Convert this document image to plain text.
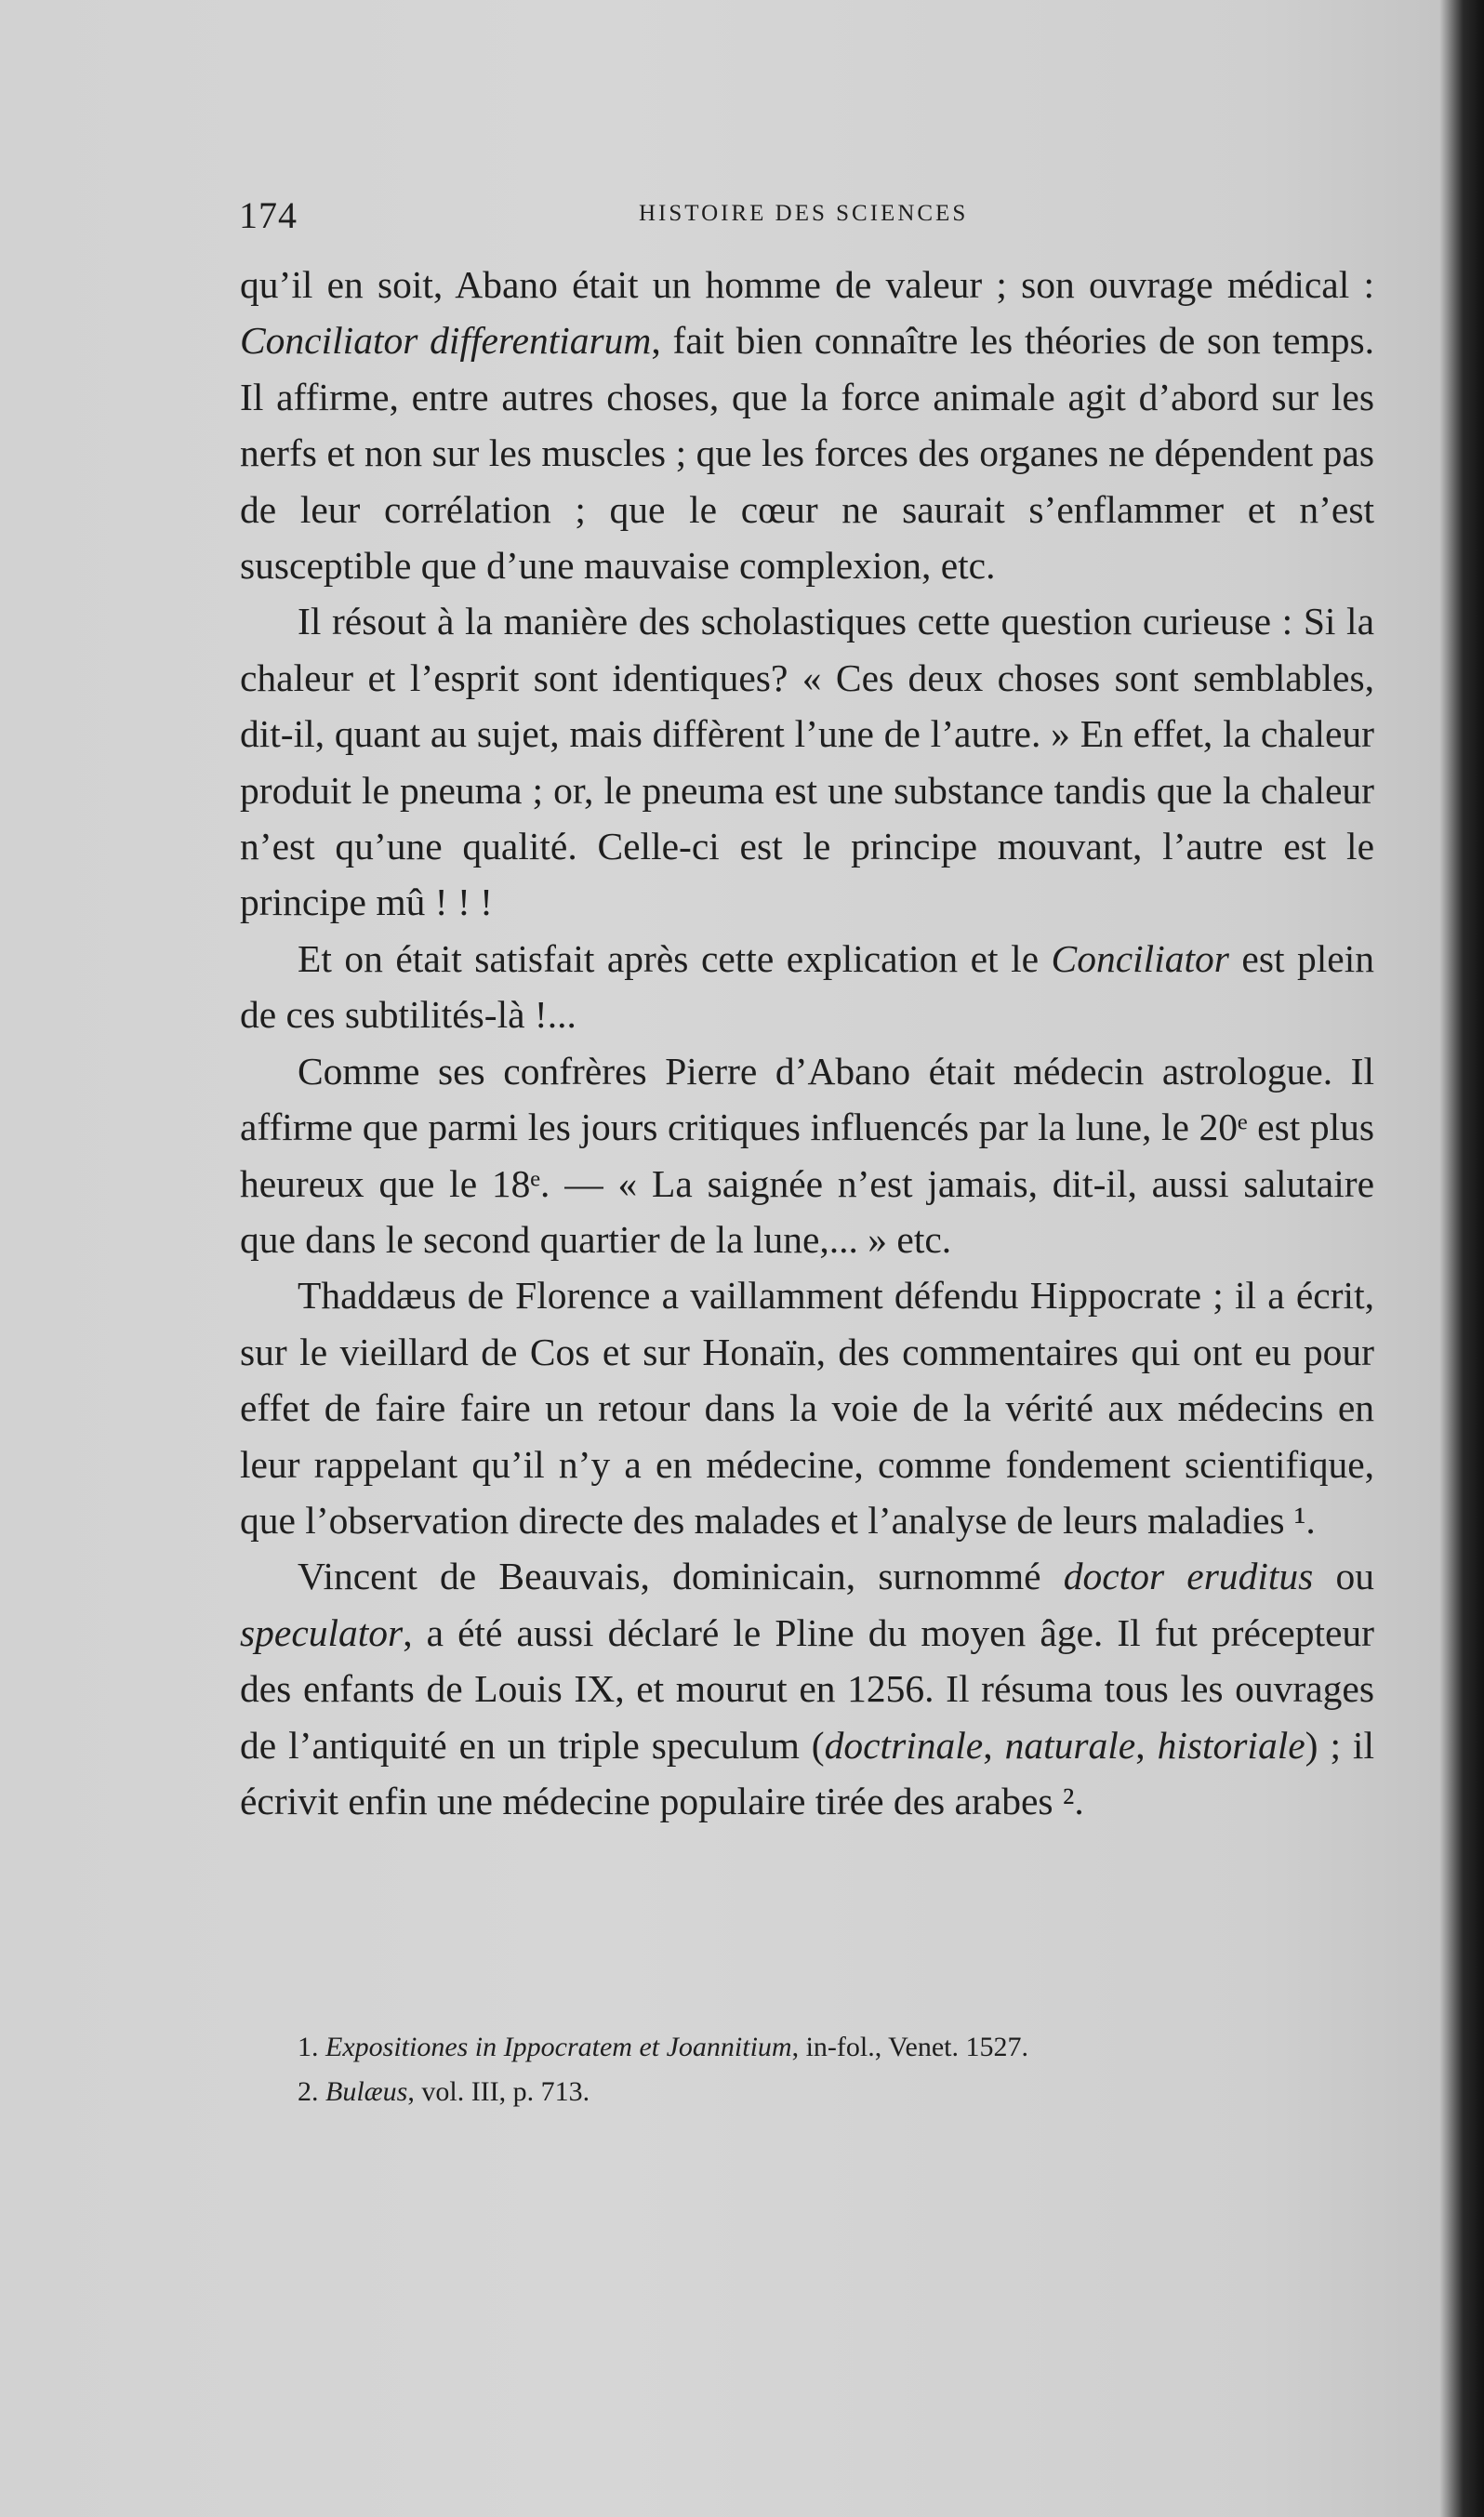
174	HISTOIRE DES SCIENCES

qu’il en soit, Abano était un homme de valeur ; son ouvrage médical : Conciliator differentiarum, fait bien connaître les théories de son temps. Il affirme, entre autres choses, que la force animale agit d’abord sur les nerfs et non sur les muscles ; que les forces des organes ne dépendent pas de leur corrélation ; que le cœur ne saurait s’enflammer et n’est susceptible que d’une mauvaise complexion, etc.

Il résout à la manière des scholastiques cette question curieuse : Si la chaleur et l’esprit sont identiques? « Ces deux choses sont semblables, dit-il, quant au sujet, mais diffèrent l’une de l’autre. » En effet, la chaleur produit le pneuma ; or, le pneuma est une substance tandis que la chaleur n’est qu’une qualité. Celle-ci est le principe mouvant, l’autre est le principe mû ! ! !

Et on était satisfait après cette explication et le Conciliator est plein de ces subtilités-là !...

Comme ses confrères Pierre d’Abano était médecin astrologue. Il affirme que parmi les jours critiques influencés par la lune, le 20ᵉ est plus heureux que le 18ᵉ. — « La saignée n’est jamais, dit-il, aussi salutaire que dans le second quartier de la lune,... » etc.

Thaddæus de Florence a vaillamment défendu Hippocrate ; il a écrit, sur le vieillard de Cos et sur Honaïn, des commentaires qui ont eu pour effet de faire faire un retour dans la voie de la vérité aux médecins en leur rappelant qu’il n’y a en médecine, comme fondement scientifique, que l’observation directe des malades et l’analyse de leurs maladies ¹.

Vincent de Beauvais, dominicain, surnommé doctor eruditus ou speculator, a été aussi déclaré le Pline du moyen âge. Il fut précepteur des enfants de Louis IX, et mourut en 1256. Il résuma tous les ouvrages de l’antiquité en un triple speculum (doctrinale, naturale, historiale) ; il écrivit enfin une médecine populaire tirée des arabes ².

1. Expositiones in Ippocratem et Joannitium, in-fol., Venet. 1527.

2. Bulæus, vol. III, p. 713.
